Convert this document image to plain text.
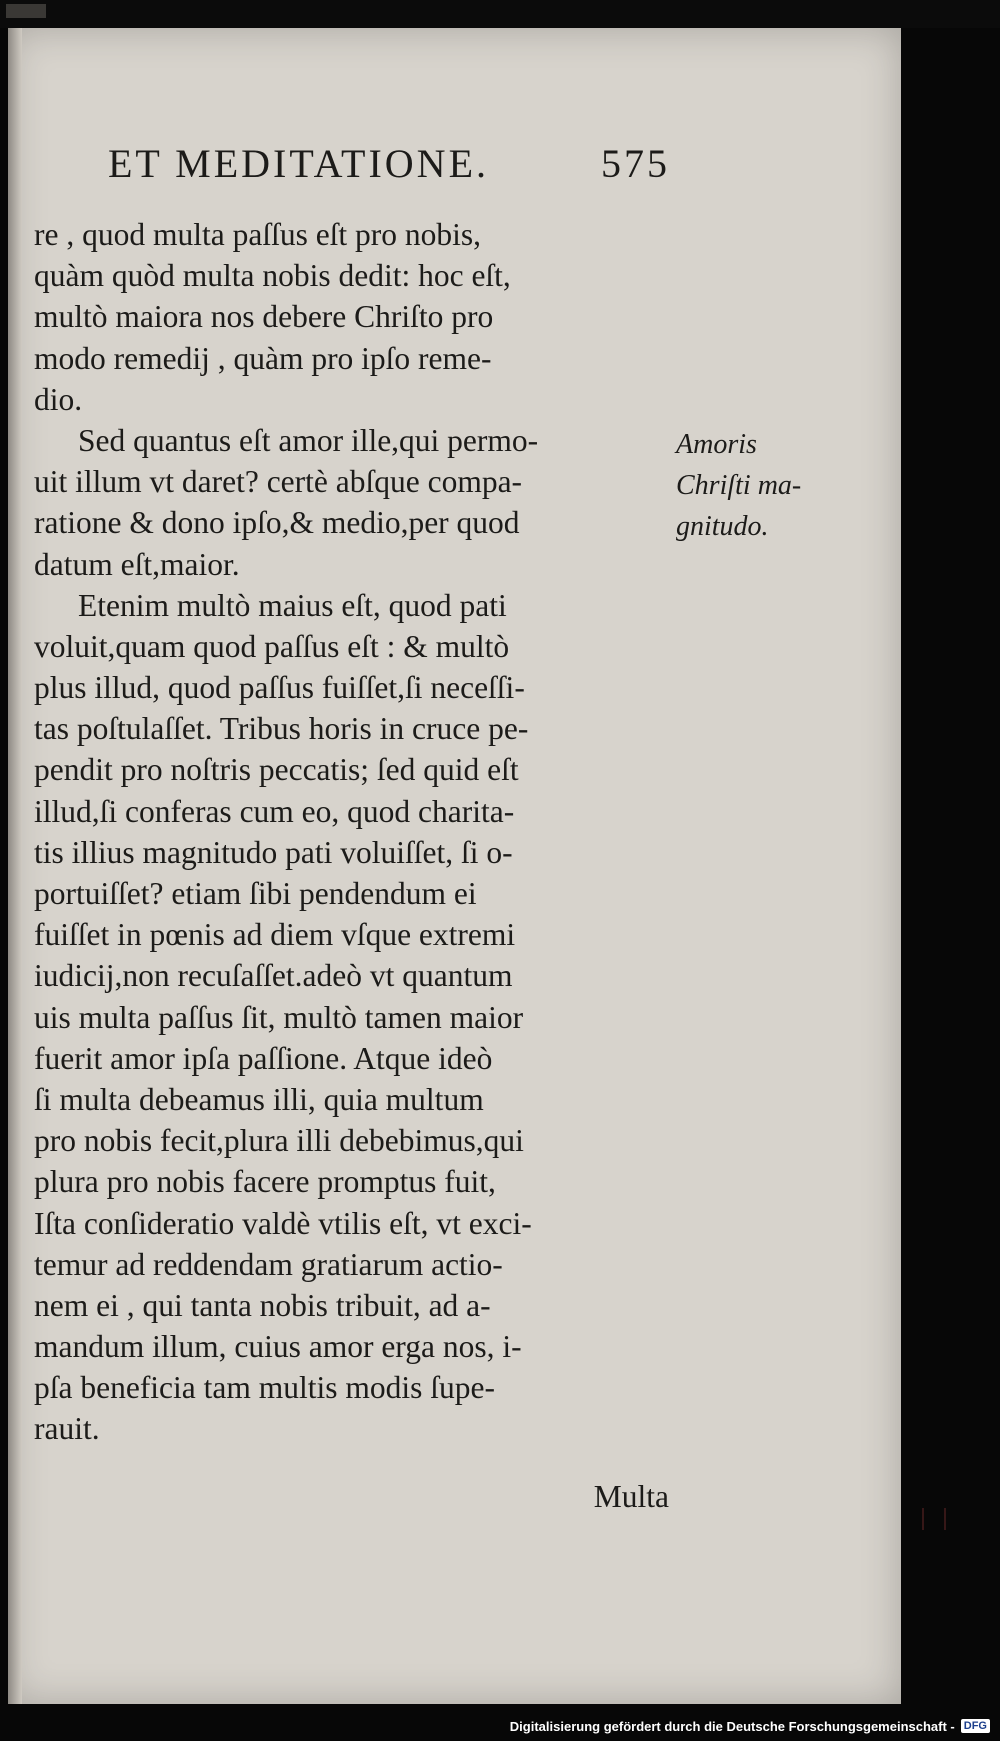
ET MEDITATIONE.	575
re , quod multa paſſus eſt pro nobis,
quàm quòd multa nobis dedit: hoc eſt,
multò maiora nos debere Chriſto pro
modo remedij , quàm pro ipſo reme-
dio.
Sed quantus eſt amor ille,qui permo-
uit illum vt daret? certè abſque compa-
ratione & dono ipſo,& medio,per quod
datum eſt,maior.
Etenim multò maius eſt, quod pati
voluit,quam quod paſſus eſt : & multò
plus illud, quod paſſus fuiſſet,ſi neceſſi-
tas poſtulaſſet. Tribus horis in cruce pe-
pendit pro noſtris peccatis; ſed quid eſt
illud,ſi conferas cum eo, quod charita-
tis illius magnitudo pati voluiſſet, ſi o-
portuiſſet? etiam ſibi pendendum ei
fuiſſet in pœnis ad diem vſque extremi
iudicij,non recuſaſſet.adeò vt quantum
uis multa paſſus ſit, multò tamen maior
fuerit amor ipſa paſſione. Atque ideò
ſi multa debeamus illi, quia multum
pro nobis fecit,plura illi debebimus,qui
plura pro nobis facere promptus fuit,
Iſta conſideratio valdè vtilis eſt, vt exci-
temur ad reddendam gratiarum actio-
nem ei , qui tanta nobis tribuit, ad a-
mandum illum, cuius amor erga nos, i-
pſa beneficia tam multis modis ſupe-
rauit.
Multa
Amoris
Chriſti ma-
gnitudo.
Digitalisierung gefördert durch die Deutsche Forschungsgemeinschaft - DFG
